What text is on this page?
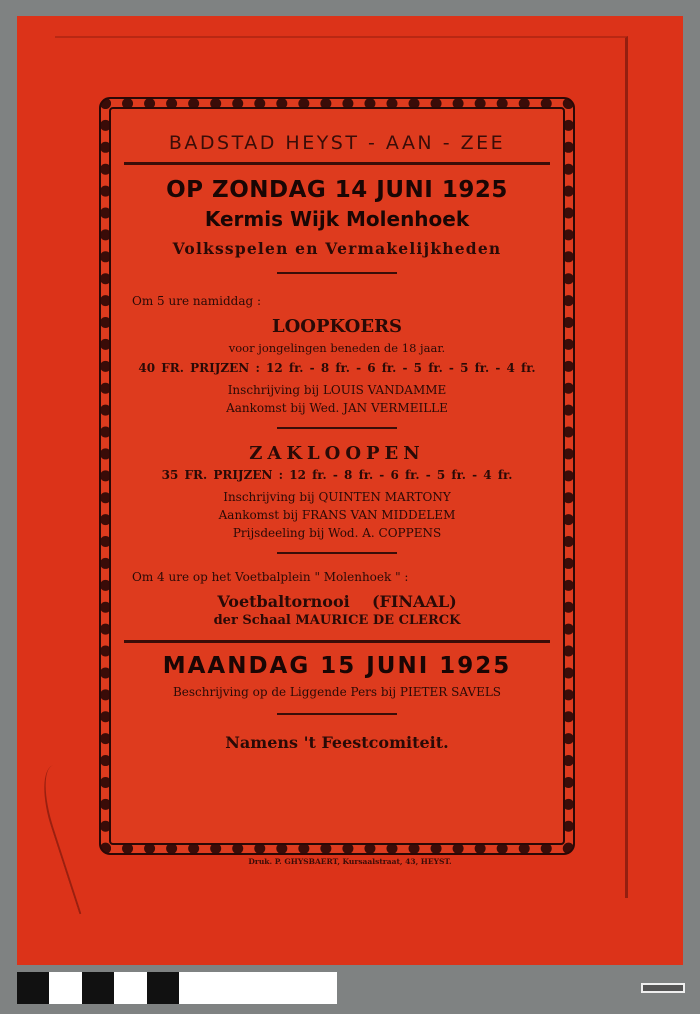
BADSTAD HEYST - AAN - ZEE
OP ZONDAG 14 JUNI 1925
Kermis Wijk Molenhoek
Volksspelen en Vermakelijkheden
Om 5 ure namiddag :
LOOPKOERS
voor jongelingen beneden de 18 jaar.
40 FR. PRIJZEN : 12 fr. - 8 fr. - 6 fr. - 5 fr. - 5 fr. - 4 fr.
Inschrijving bij LOUIS VANDAMME
Aankomst bij Wed. JAN VERMEILLE
ZAKLOOPEN
35 FR. PRIJZEN : 12 fr. - 8 fr. - 6 fr. - 5 fr. - 4 fr.
Inschrijving bij QUINTEN MARTONY
Aankomst bij FRANS VAN MIDDELEM
Prijsdeeling bij Wod. A. COPPENS
Om 4 ure op het Voetbalplein " Molenhoek " :
Voetbaltornooi    (FINAAL)
der Schaal MAURICE DE CLERCK
MAANDAG 15 JUNI 1925
Beschrijving op de Liggende Pers bij PIETER SAVELS
Namens 't Feestcomiteit.
Druk. P. GHYSBAERT, Kursaalstraat, 43, HEYST.
